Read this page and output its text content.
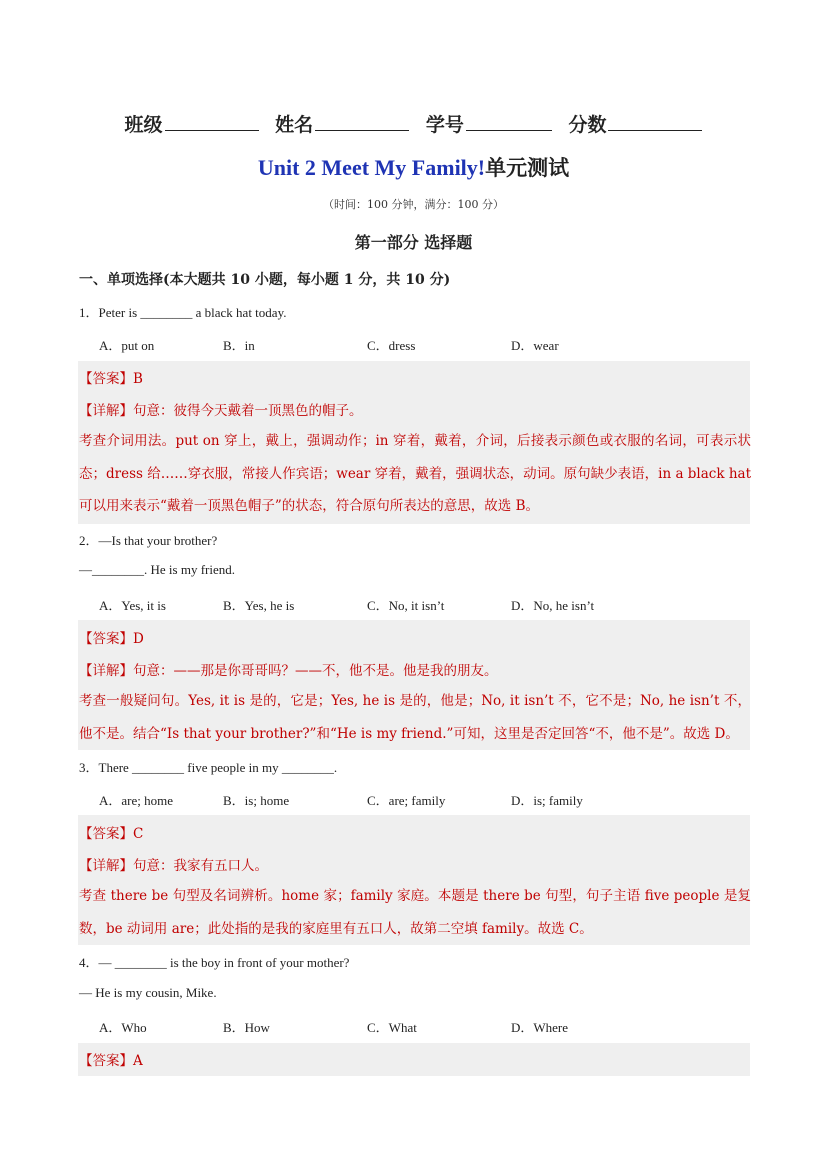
班级	姓名	学号	分数
Unit 2 Meet My Family!单元测试
（时间：100 分钟，满分：100 分）
第一部分 选择题
一、单项选择(本大题共 10 小题，每小题 1 分，共 10 分)
1．Peter is ________ a black hat today.
A．put on	B．in	C．dress	D．wear
【答案】B
【详解】句意：彼得今天戴着一顶黑色的帽子。
考查介词用法。put on 穿上，戴上，强调动作；in 穿着，戴着，介词，后接表示颜色或衣服的名词，可表示状态；dress 给……穿衣服，常接人作宾语；wear 穿着，戴着，强调状态，动词。原句缺少表语，in a black hat 可以用来表示“戴着一顶黑色帽子”的状态，符合原句所表达的意思，故选 B。
2．—Is that your brother?
—________. He is my friend.
A．Yes, it is	B．Yes, he is	C．No, it isn’t	D．No, he isn’t
【答案】D
【详解】句意：——那是你哥哥吗？——不，他不是。他是我的朋友。
考查一般疑问句。Yes, it is 是的，它是；Yes, he is 是的，他是；No, it isn’t 不，它不是；No, he isn’t 不，他不是。结合“Is that your brother?”和“He is my friend.”可知，这里是否定回答“不，他不是”。故选 D。
3．There ________ five people in my ________.
A．are; home	B．is; home	C．are; family	D．is; family
【答案】C
【详解】句意：我家有五口人。
考查 there be 句型及名词辨析。home 家；family 家庭。本题是 there be 句型，句子主语 five people 是复数，be 动词用 are；此处指的是我的家庭里有五口人，故第二空填 family。故选 C。
4．— ________ is the boy in front of your mother?
— He is my cousin, Mike.
A．Who	B．How	C．What	D．Where
【答案】A
